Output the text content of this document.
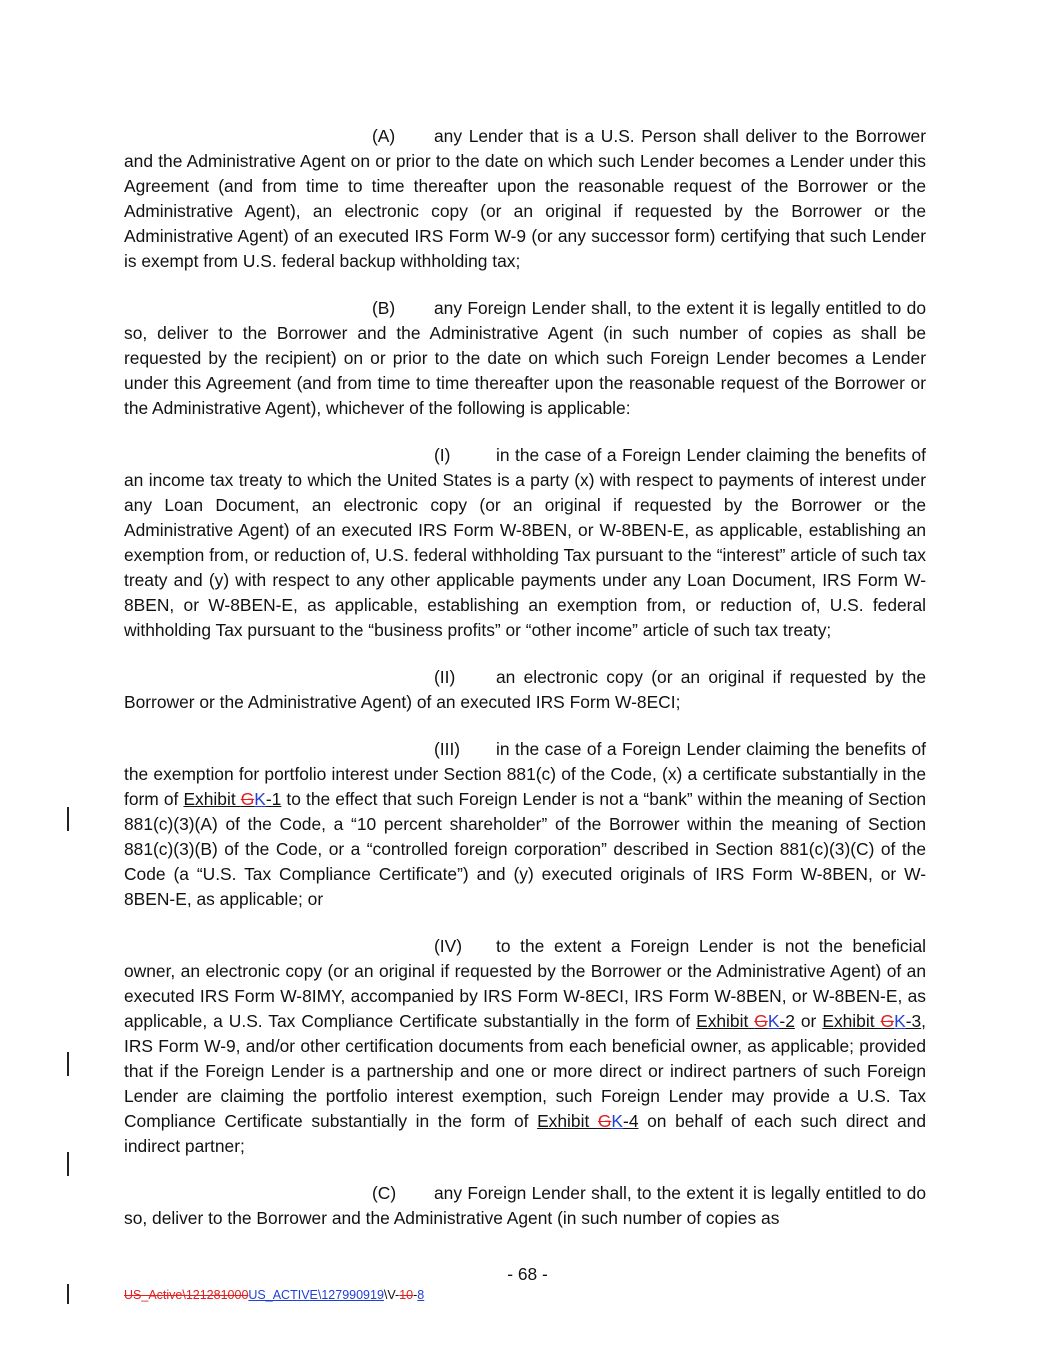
(A) any Lender that is a U.S. Person shall deliver to the Borrower and the Administrative Agent on or prior to the date on which such Lender becomes a Lender under this Agreement (and from time to time thereafter upon the reasonable request of the Borrower or the Administrative Agent), an electronic copy (or an original if requested by the Borrower or the Administrative Agent) of an executed IRS Form W-9 (or any successor form) certifying that such Lender is exempt from U.S. federal backup withholding tax;

(B) any Foreign Lender shall, to the extent it is legally entitled to do so, deliver to the Borrower and the Administrative Agent (in such number of copies as shall be requested by the recipient) on or prior to the date on which such Foreign Lender becomes a Lender under this Agreement (and from time to time thereafter upon the reasonable request of the Borrower or the Administrative Agent), whichever of the following is applicable:

(I)	in the case of a Foreign Lender claiming the benefits of an income tax treaty to which the United States is a party (x) with respect to payments of interest under any Loan Document, an electronic copy (or an original if requested by the Borrower or the Administrative Agent) of an executed IRS Form W-8BEN, or W-8BEN-E, as applicable, establishing an exemption from, or reduction of, U.S. federal withholding Tax pursuant to the “interest” article of such tax treaty and (y) with respect to any other applicable payments under any Loan Document, IRS Form W-8BEN, or W-8BEN-E, as applicable, establishing an exemption from, or reduction of, U.S. federal withholding Tax pursuant to the “business profits” or “other income” article of such tax treaty;

(II) an electronic copy (or an original if requested by the Borrower or the Administrative Agent) of an executed IRS Form W-8ECI;

(III) in the case of a Foreign Lender claiming the benefits of the exemption for portfolio interest under Section 881(c) of the Code, (x) a certificate substantially in the form of Exhibit GK-1 to the effect that such Foreign Lender is not a “bank” within the meaning of Section 881(c)(3)(A) of the Code, a “10 percent shareholder” of the Borrower within the meaning of Section 881(c)(3)(B) of the Code, or a “controlled foreign corporation” described in Section 881(c)(3)(C) of the Code (a “U.S. Tax Compliance Certificate”) and (y) executed originals of IRS Form W-8BEN, or W-8BEN-E, as applicable; or

(IV) to the extent a Foreign Lender is not the beneficial owner, an electronic copy (or an original if requested by the Borrower or the Administrative Agent) of an executed IRS Form W-8IMY, accompanied by IRS Form W-8ECI, IRS Form W-8BEN, or W-8BEN-E, as applicable, a U.S. Tax Compliance Certificate substantially in the form of Exhibit GK-2 or Exhibit GK-3, IRS Form W-9, and/or other certification documents from each beneficial owner, as applicable; provided that if the Foreign Lender is a partnership and one or more direct or indirect partners of such Foreign Lender are claiming the portfolio interest exemption, such Foreign Lender may provide a U.S. Tax Compliance Certificate substantially in the form of Exhibit GK-4 on behalf of each such direct and indirect partner;

(C) any Foreign Lender shall, to the extent it is legally entitled to do so, deliver to the Borrower and the Administrative Agent (in such number of copies as

- 68 -
US_Active\121281000US_ACTIVE\127990919\V-10-8
